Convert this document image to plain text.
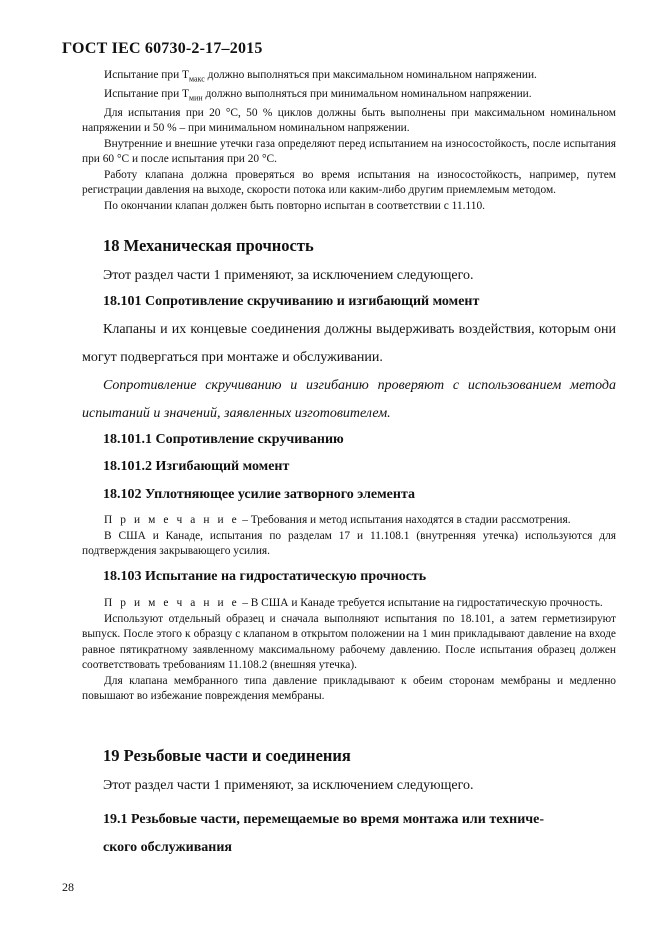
ГОСТ IEC 60730-2-17–2015

Испытание при $T_{макс}$ должно выполняться при максимальном номинальном напряжении.

Испытание при $T_{мин}$ должно выполняться при минимальном номинальном напряжении.

Для испытания при 20 °С, 50 % циклов должны быть выполнены при максимальном номинальном напряжении и 50 % – при минимальном номинальном напряжении.

Внутренние и внешние утечки газа определяют перед испытанием на износостойкость, после испытания при 60 °С и после испытания при 20 °С.

Работу клапана должна проверяться во время испытания на износостойкость, например, путем регистрации давления на выходе, скорости потока или каким-либо другим приемлемым методом.

По окончании клапан должен быть повторно испытан в соответствии с 11.110.

18 Механическая прочность

Этот раздел части 1 применяют, за исключением следующего.

18.101 Сопротивление скручиванию и изгибающий момент

Клапаны и их концевые соединения должны выдерживать воздействия, которым они могут подвергаться при монтаже и обслуживании.

Сопротивление скручиванию и изгибанию проверяют с использованием метода испытаний и значений, заявленных изготовителем.

18.101.1 Сопротивление скручиванию
18.101.2 Изгибающий момент
18.102 Уплотняющее усилие затворного элемента

П р и м е ч а н и е – Требования и метод испытания находятся в стадии рассмотрения.

В США и Канаде, испытания по разделам 17 и 11.108.1 (внутренняя утечка) используются для подтверждения закрывающего усилия.

18.103 Испытание на гидростатическую прочность

П р и м е ч а н и е – В США и Канаде требуется испытание на гидростатическую прочность.

Используют отдельный образец и сначала выполняют испытания по 18.101, а затем герметизируют выпуск. После этого к образцу с клапаном в открытом положении на 1 мин прикладывают давление на входе равное пятикратному заявленному максимальному рабочему давлению. После испытания образец должен соответствовать требованиям 11.108.2 (внешняя утечка).

Для клапана мембранного типа давление прикладывают к обеим сторонам мембраны и медленно повышают во избежание повреждения мембраны.

19 Резьбовые части и соединения

Этот раздел части 1 применяют, за исключением следующего.

19.1 Резьбовые части, перемещаемые во время монтажа или техниче-
ского обслуживания
28
